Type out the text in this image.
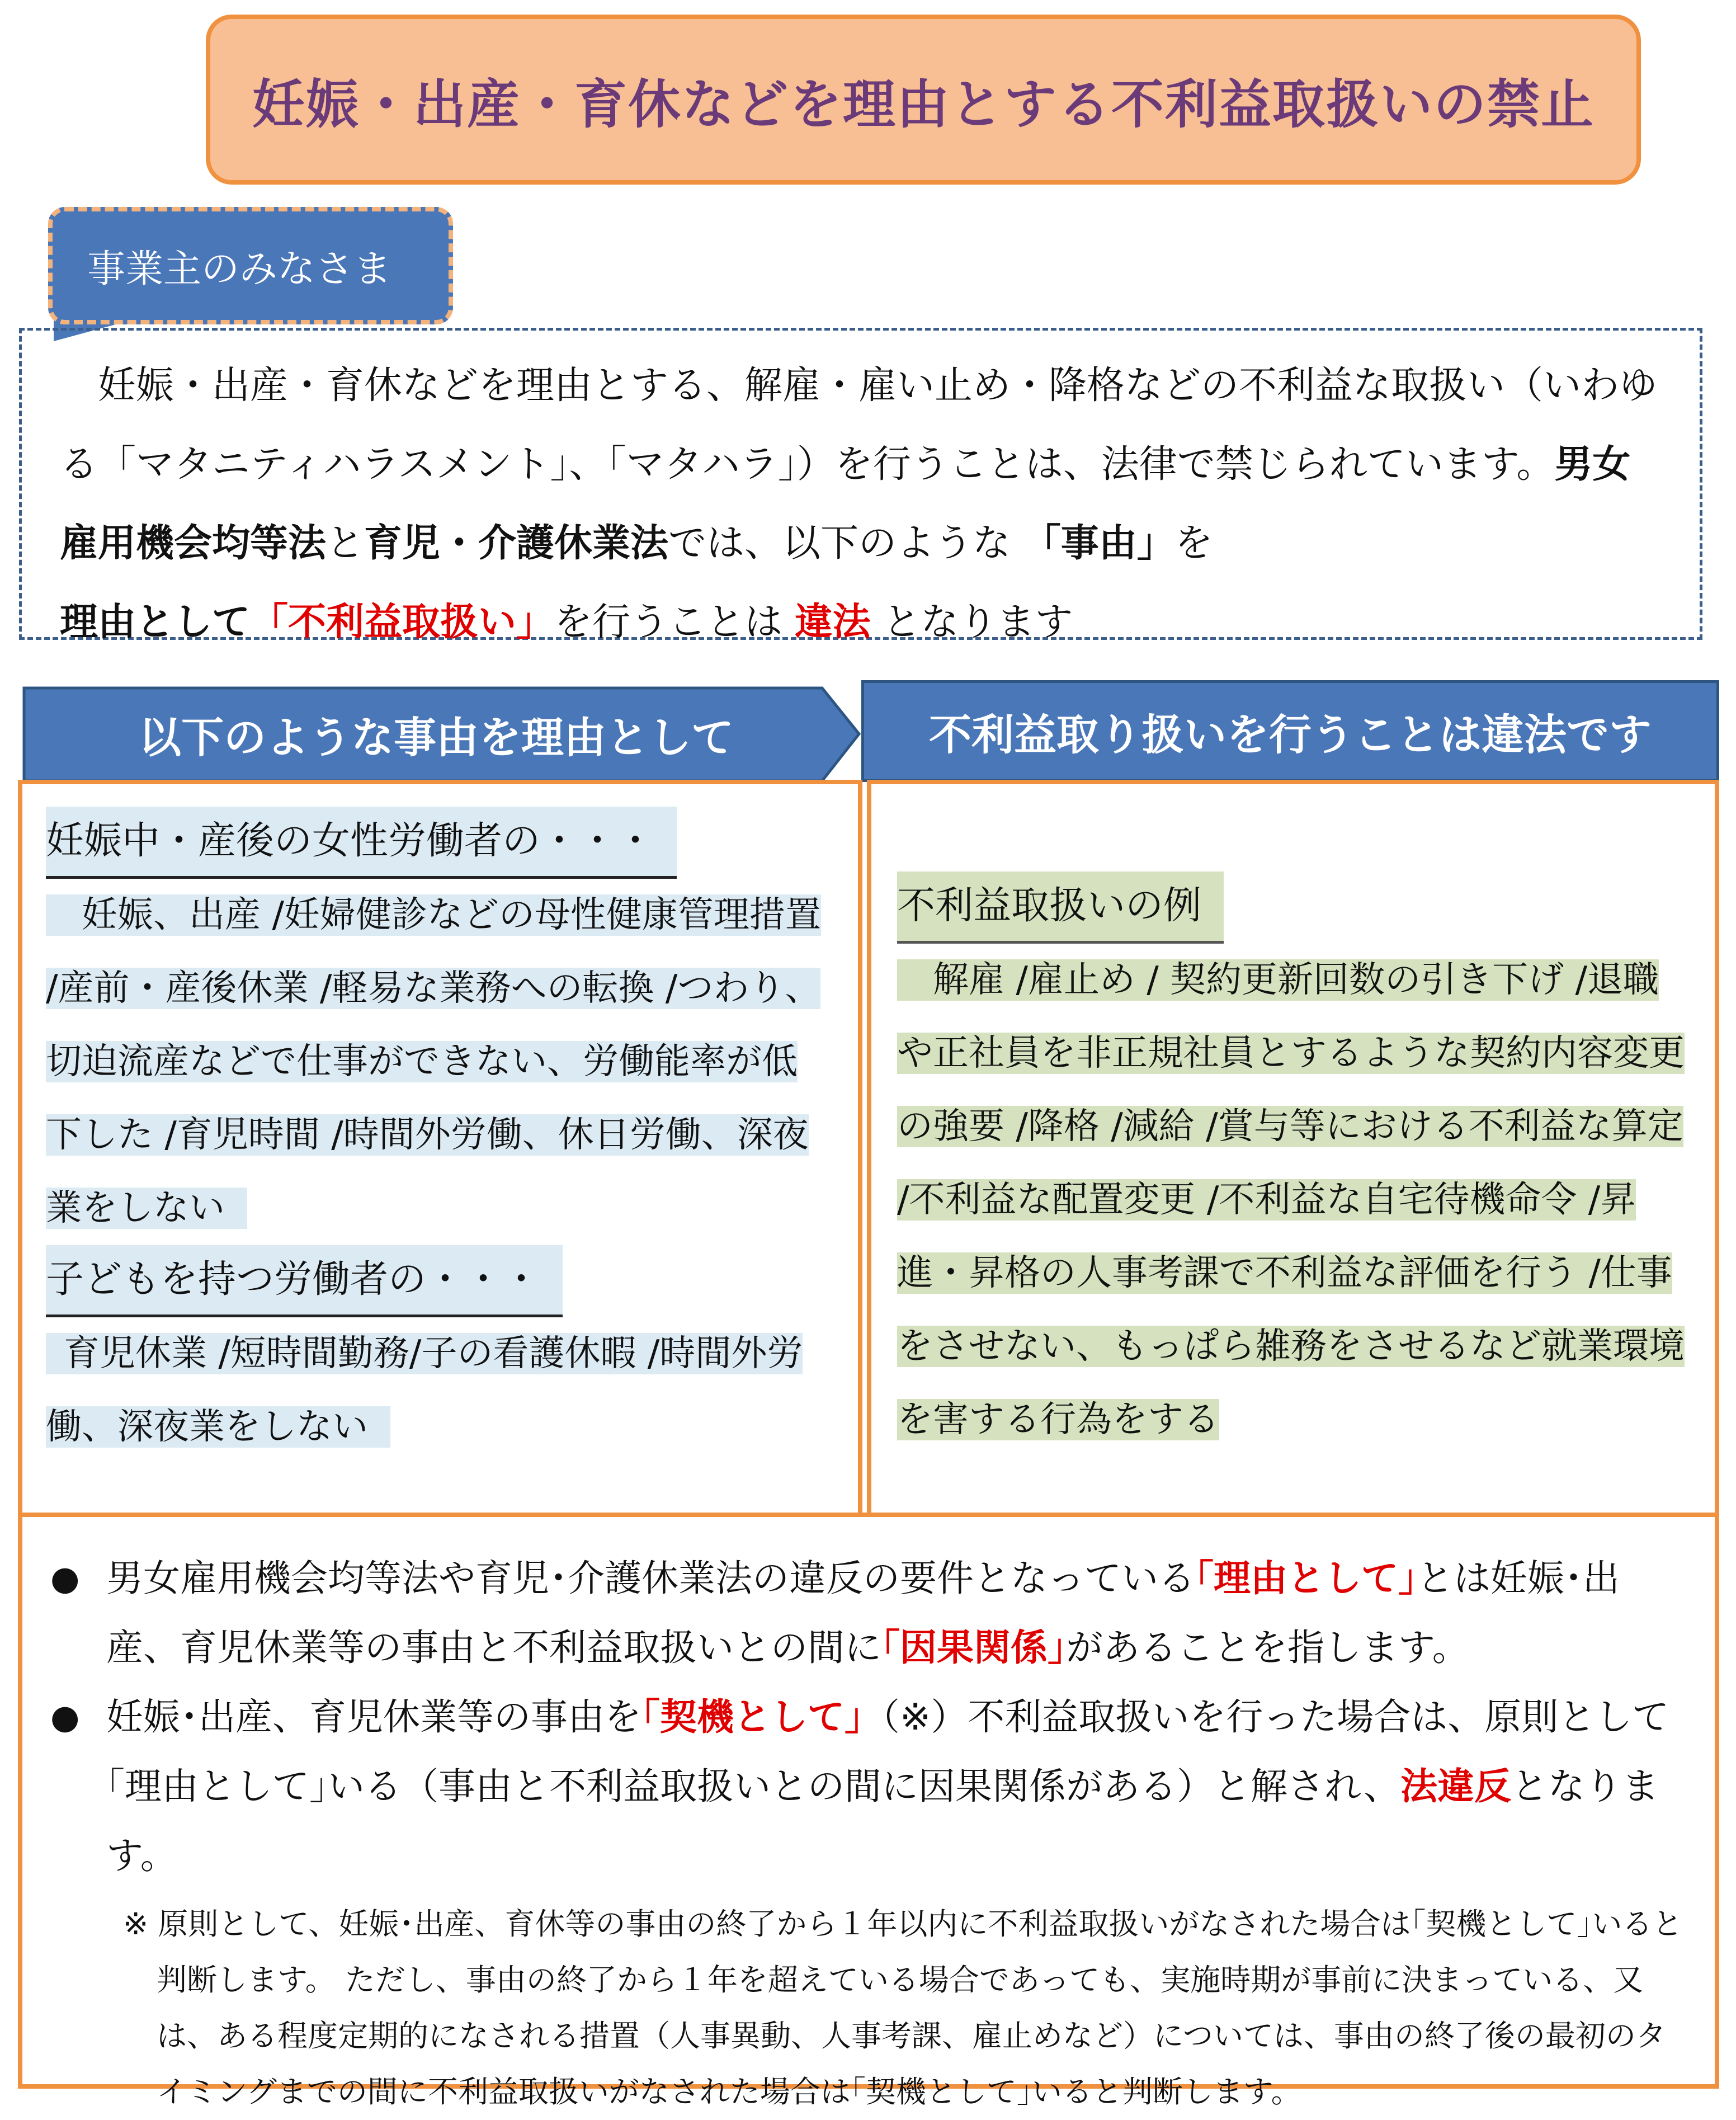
妊娠・出産・育休などを理由とする不利益取扱いの禁止
事業主のみなさま
妊娠・出産・育休などを理由とする、解雇・雇い止め・降格などの不利益な取扱い（いわゆる「マタニティハラスメント」、「マタハラ」）を行うことは、法律で禁じられています。男女雇用機会均等法と育児・介護休業法では、以下のような 「事由」を
理由として「不利益取扱い」を行うことは 違法 となります
以下のような事由を理由として	不利益取り扱いを行うことは違法です
妊娠中・産後の女性労働者の・・・
妊娠、出産 /妊婦健診などの母性健康管理措置 /産前・産後休業 /軽易な業務への転換 /つわり、切迫流産などで仕事ができない、労働能率が低下した /育児時間 /時間外労働、休日労働、深夜業をしない
子どもを持つ労働者の・・・
育児休業 /短時間勤務/子の看護休暇 /時間外労働、深夜業をしない
不利益取扱いの例
解雇 /雇止め / 契約更新回数の引き下げ /退職や正社員を非正規社員とするような契約内容変更の強要 /降格 /減給 /賞与等における不利益な算定 /不利益な配置変更 /不利益な自宅待機命令 /昇進・昇格の人事考課で不利益な評価を行う /仕事をさせない、もっぱら雑務をさせるなど就業環境を害する行為をする
● 男女雇用機会均等法や育児･介護休業法の違反の要件となっている｢理由として｣とは妊娠･出産、育児休業等の事由と不利益取扱いとの間に｢因果関係｣があることを指します。
● 妊娠･出産、育児休業等の事由を｢契機として｣（※）不利益取扱いを行った場合は、原則として｢理由として｣いる（事由と不利益取扱いとの間に因果関係がある）と解され、法違反となります。
※ 原則として、妊娠･出産、育休等の事由の終了から１年以内に不利益取扱いがなされた場合は｢契機として｣いると判断します。 ただし、事由の終了から１年を超えている場合であっても、実施時期が事前に決まっている、又は、ある程度定期的になされる措置（人事異動、人事考課、雇止めなど）については、事由の終了後の最初のタイミングまでの間に不利益取扱いがなされた場合は｢契機として｣いると判断します。
